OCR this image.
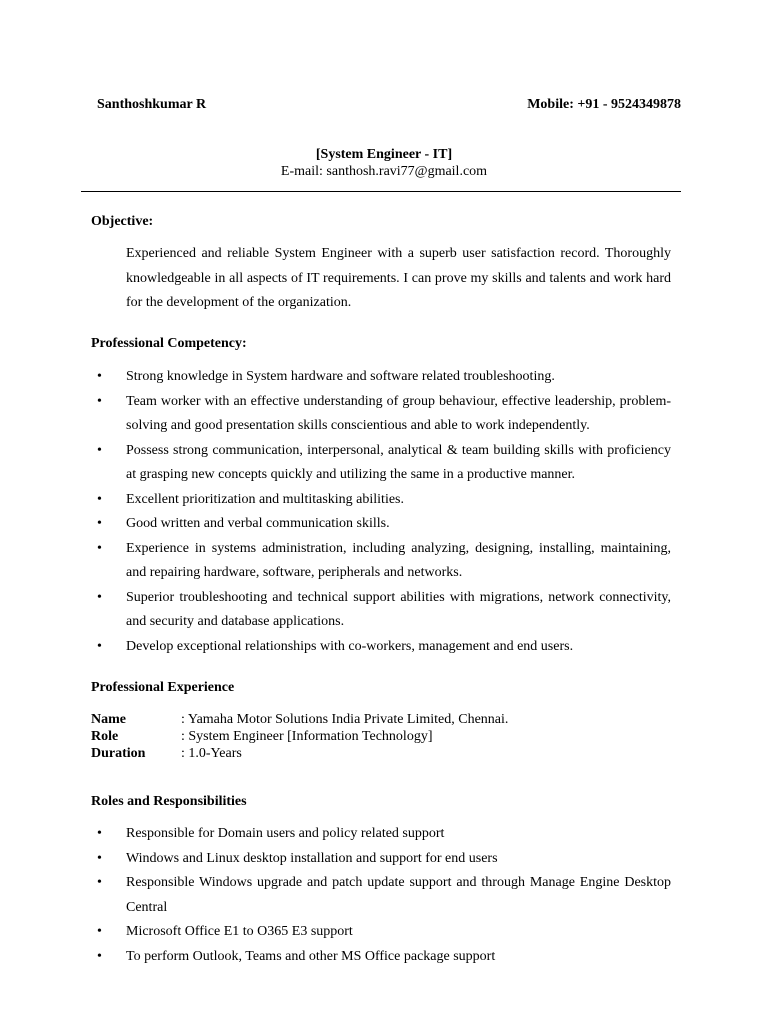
Santhoshkumar R	Mobile: +91 - 9524349878
[System Engineer - IT]
E-mail: santhosh.ravi77@gmail.com
Objective:

Experienced and reliable System Engineer with a superb user satisfaction record. Thoroughly knowledgeable in all aspects of IT requirements. I can prove my skills and talents and work hard for the development of the organization.

Professional Competency:
• Strong knowledge in System hardware and software related troubleshooting.
• Team worker with an effective understanding of group behaviour, effective leadership, problem-solving and good presentation skills conscientious and able to work independently.
• Possess strong communication, interpersonal, analytical & team building skills with proficiency at grasping new concepts quickly and utilizing the same in a productive manner.
• Excellent prioritization and multitasking abilities.
• Good written and verbal communication skills.
• Experience in systems administration, including analyzing, designing, installing, maintaining, and repairing hardware, software, peripherals and networks.
• Superior troubleshooting and technical support abilities with migrations, network connectivity, and security and database applications.
• Develop exceptional relationships with co-workers, management and end users.
Professional Experience
Name	: Yamaha Motor Solutions India Private Limited, Chennai.
Role	: System Engineer [Information Technology]
Duration	: 1.0-Years
Roles and Responsibilities
• Responsible for Domain users and policy related support
• Windows and Linux desktop installation and support for end users
• Responsible Windows upgrade and patch update support and through Manage Engine Desktop Central
• Microsoft Office E1 to O365 E3 support
• To perform Outlook, Teams and other MS Office package support
